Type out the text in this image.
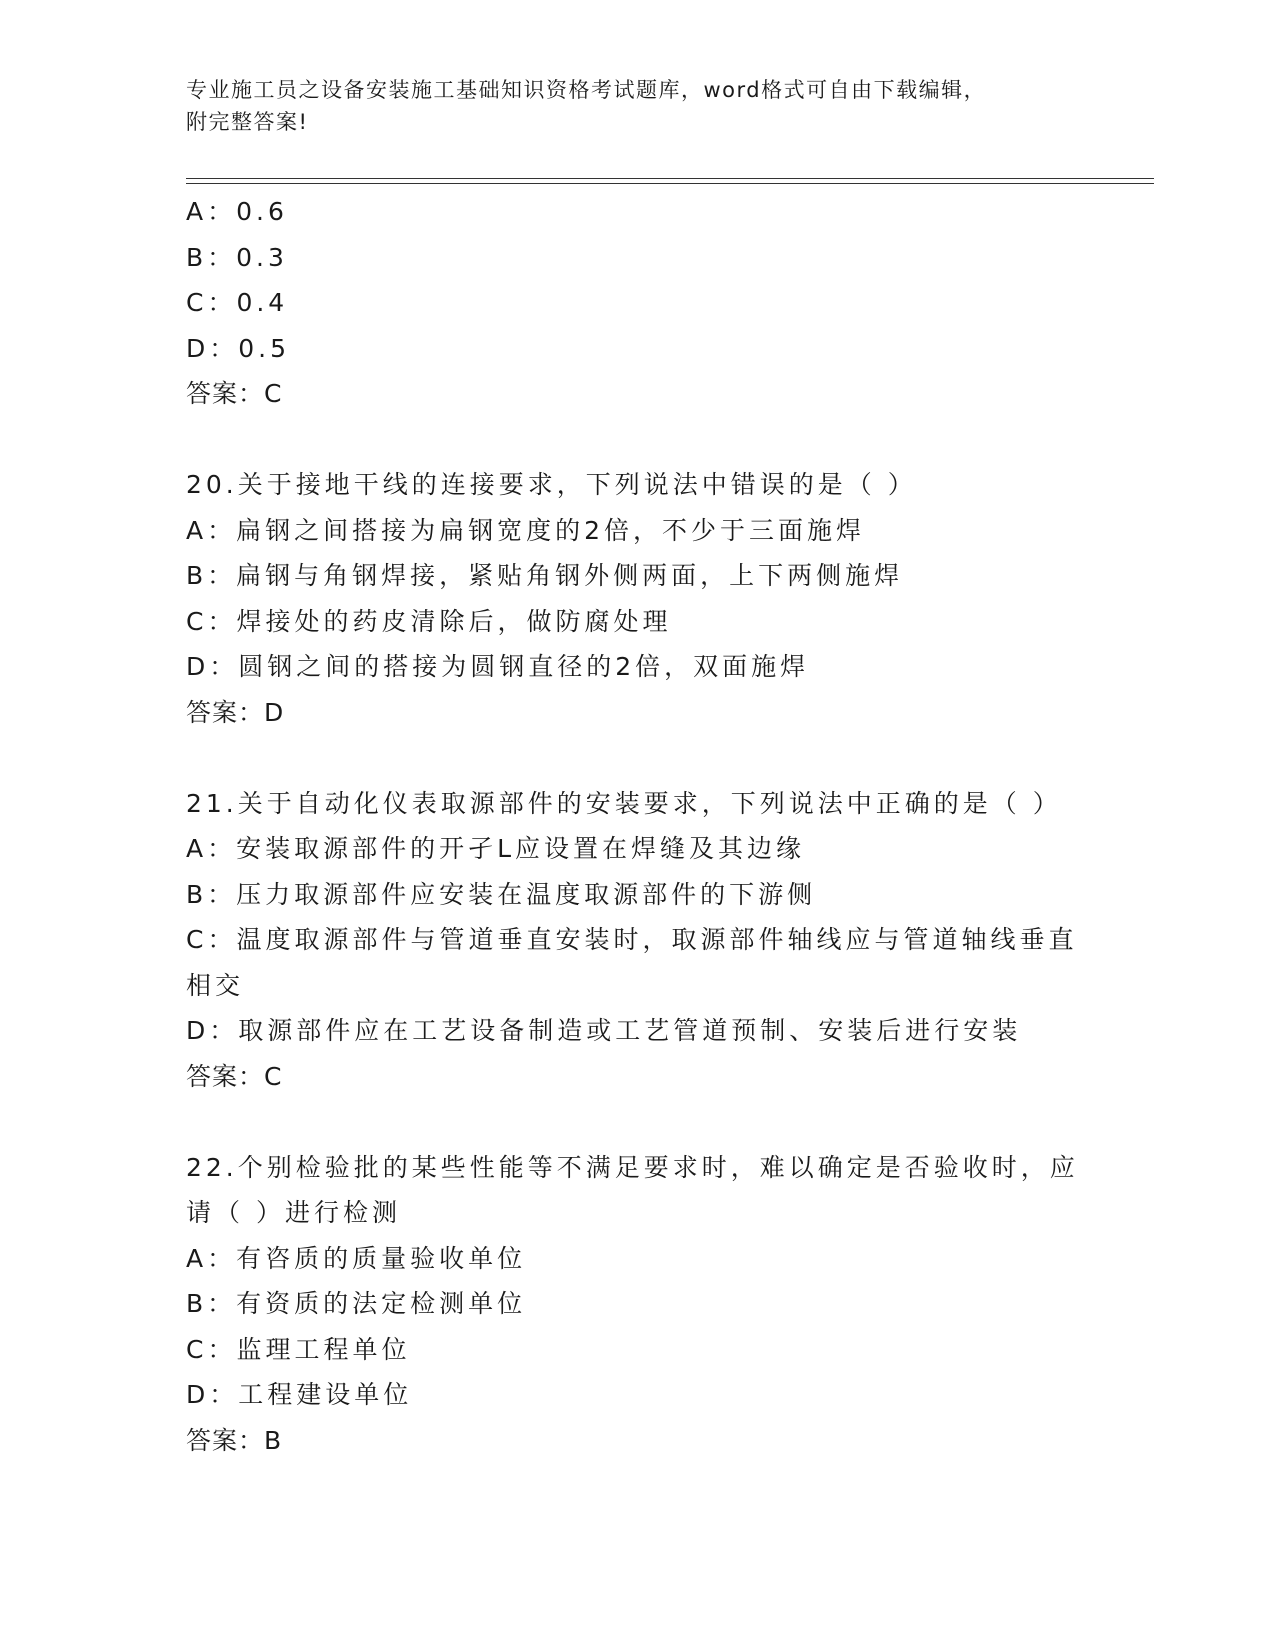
专业施工员之设备安装施工基础知识资格考试题库，word格式可自由下载编辑，
附完整答案!

A：0.6

B：0.3

C：0.4

D：0.5

答案：C

20.关于接地干线的连接要求，下列说法中错误的是（ ）

A：扁钢之间搭接为扁钢宽度的2倍，不少于三面施焊

B：扁钢与角钢焊接，紧贴角钢外侧两面，上下两侧施焊

C：焊接处的药皮清除后，做防腐处理

D：圆钢之间的搭接为圆钢直径的2倍，双面施焊

答案：D

21.关于自动化仪表取源部件的安装要求，下列说法中正确的是（ ）

A：安装取源部件的开孑L应设置在焊缝及其边缘

B：压力取源部件应安装在温度取源部件的下游侧

C：温度取源部件与管道垂直安装时，取源部件轴线应与管道轴线垂直

相交

D：取源部件应在工艺设备制造或工艺管道预制、安装后进行安装

答案：C

22.个别检验批的某些性能等不满足要求时，难以确定是否验收时，应

请（ ）进行检测

A：有咨质的质量验收单位

B：有资质的法定检测单位

C：监理工程单位

D：工程建设单位

答案：B
